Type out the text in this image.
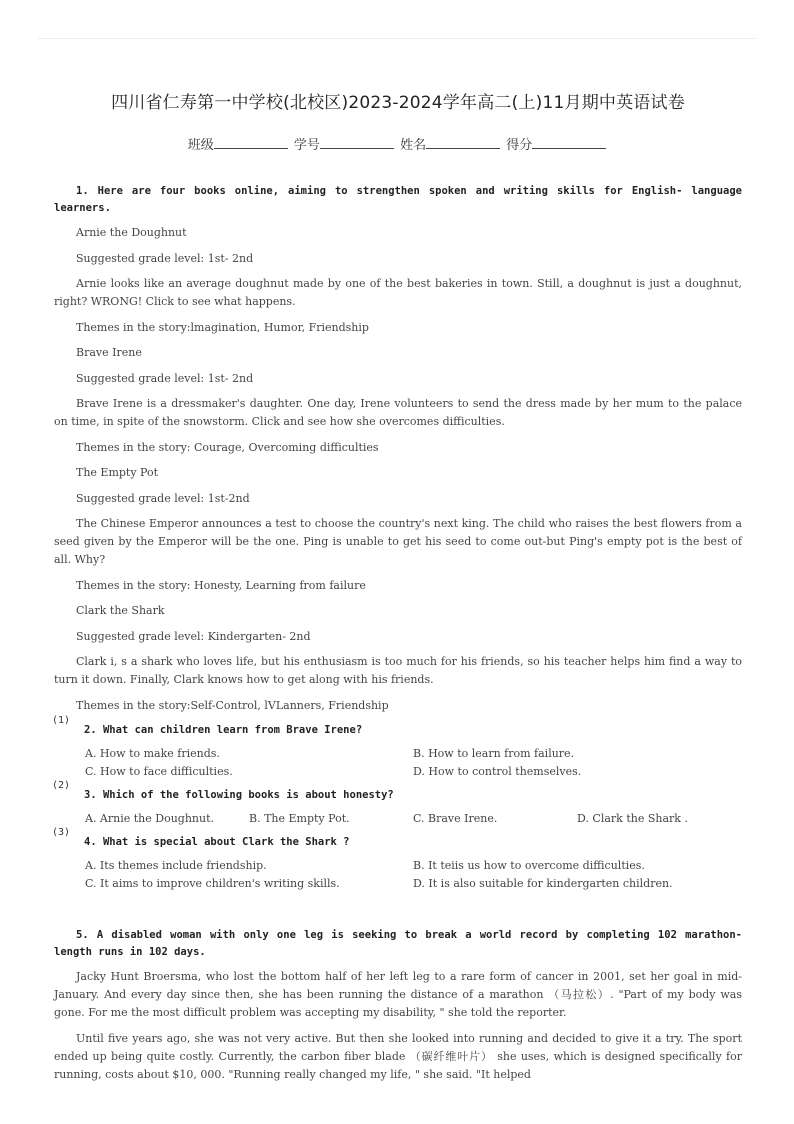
四川省仁寿第一中学校(北校区)2023-2024学年高二(上)11月期中英语试卷
班级	学号	姓名	得分
1. Here are four books online, aiming to strengthen spoken and writing skills for English- language learners.

Arnie the Doughnut

Suggested grade level: 1st- 2nd

Arnie looks like an average doughnut made by one of the best bakeries in town. Still, a doughnut is just a doughnut, right? WRONG! Click to see what happens.

Themes in the story:lmagination, Humor, Friendship

Brave Irene

Suggested grade level: 1st- 2nd

Brave Irene is a dressmaker's daughter. One day, Irene volunteers to send the dress made by her mum to the palace on time, in spite of the snowstorm. Click and see how she overcomes difficulties.

Themes in the story: Courage, Overcoming difficulties

The Empty Pot

Suggested grade level: 1st-2nd

The Chinese Emperor announces a test to choose the country's next king. The child who raises the best flowers from a seed given by the Emperor will be the one. Ping is unable to get his seed to come out-but Ping's empty pot is the best of all. Why?

Themes in the story: Honesty, Learning from failure

Clark the Shark

Suggested grade level: Kindergarten- 2nd

Clark i, s a shark who loves life, but his enthusiasm is too much for his friends, so his teacher helps him find a way to turn it down. Finally, Clark knows how to get along with his friends.

Themes in the story:Self-Control, lVLanners, Friendship

(1)
2. What can children learn from Brave Irene?
A. How to make friends.	B. How to learn from failure.
C. How to face difficulties.	D. How to control themselves.
(2)
3. Which of the following books is about honesty?
A. Arnie the Doughnut.	B. The Empty Pot.	C. Brave Irene.	D. Clark the Shark .
(3)
4. What is special about Clark the Shark ?
A. Its themes include friendship.	B. It teiis us how to overcome difficulties.
C. It aims to improve children's writing skills.	D. It is also suitable for kindergarten children.
5. A disabled woman with only one leg is seeking to break a world record by completing 102 marathon-length runs in 102 days.

Jacky Hunt Broersma, who lost the bottom half of her left leg to a rare form of cancer in 2001, set her goal in mid-January. And every day since then, she has been running the distance of a marathon （马拉松）. "Part of my body was gone. For me the most difficult problem was accepting my disability, " she told the reporter.

Until five years ago, she was not very active. But then she looked into running and decided to give it a try. The sport ended up being quite costly. Currently, the carbon fiber blade （碳纤维叶片） she uses, which is designed specifically for running, costs about $10, 000. "Running really changed my life, " she said. "It helped
